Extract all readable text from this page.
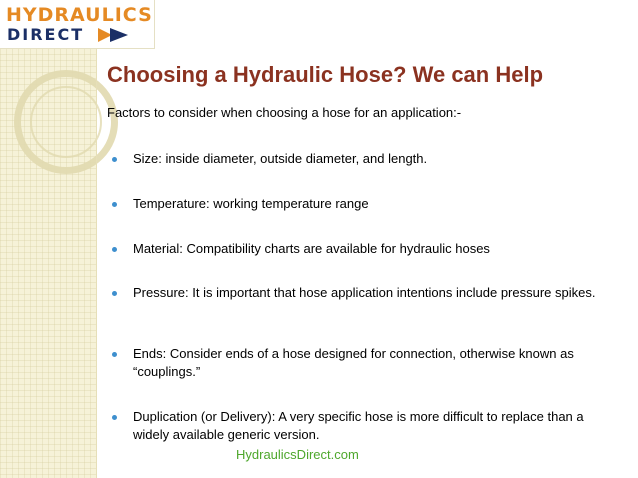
HYDRAULICS
DIRECT
Choosing a Hydraulic Hose? We can Help
Factors to consider when choosing a hose for an application:-
Size: inside diameter, outside diameter, and length.
Temperature: working temperature range
Material: Compatibility charts are available for hydraulic hoses
Pressure: It is important that hose application intentions include pressure spikes.
Ends: Consider ends of a hose designed for connection, otherwise known as “couplings.”
Duplication (or Delivery): A very specific hose is more difficult to replace than a widely available generic version.
HydraulicsDirect.com
